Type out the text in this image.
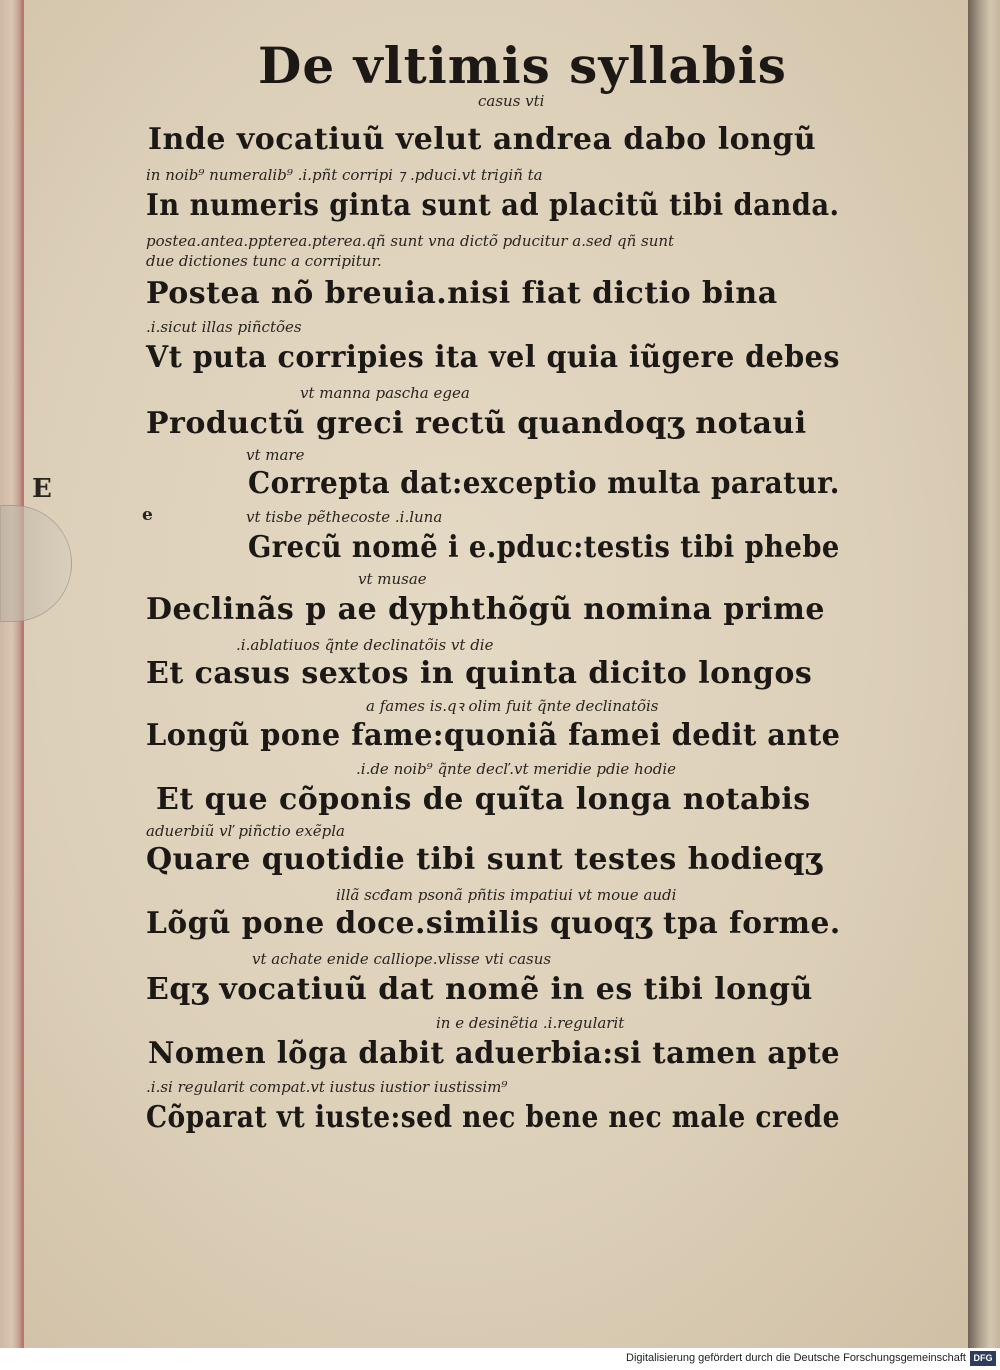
E
e
De vltimis syllabis
casus vti
Inde vocatiuũ velut andrea dabo longũ
in noib⁹ numeralib⁹ .i.pñt corripi ⁊ .pduci.vt trigiñ ta
In numeris ginta sunt ad placitũ tibi danda.
postea.antea.ppterea.pterea.qñ sunt vna dictõ pducitur a.sed qñ sunt
due dictiones tunc a corripitur.
Postea nõ breuia.nisi fiat dictio bina
.i.sicut illas piñctões
Vt puta corripies ita vel quia iũgere debes
vt manna pascha egea
Productũ greci rectũ quandoqʒ notaui
vt mare
Correpta dat:exceptio multa paratur.
vt tisbe pẽthecoste .i.luna
Grecũ nomẽ i e.pduc:testis tibi phebe
vt musae
Declinãs p ae dyphthõgũ nomina prime
.i.ablatiuos q̃nte declinatõis vt die
Et casus sextos in quinta dicito longos
a fames is.qꝛ olim fuit q̃nte declinatõis
Longũ pone fame:quoniã famei dedit ante
.i.de noib⁹ q̃nte decľ.vt meridie pdie hodie
Et que cõponis de quĩta longa notabis
aduerbiũ vľ piñctio exẽpla
Quare quotidie tibi sunt testes hodieqʒ
illã scđam psonã pñtis impatiui vt moue audi
Lõgũ pone doce.similis quoqʒ tpa forme.
vt achate enide calliope.vlisse vti casus
Eqʒ vocatiuũ dat nomẽ in es tibi longũ
in e desinẽtia .i.regularit
Nomen lõga dabit aduerbia:si tamen apte
.i.si regularit compat.vt iustus iustior iustissim⁹
Cõparat vt iuste:sed nec bene nec male crede
Digitalisierung gefördert durch die Deutsche Forschungsgemeinschaft DFG
